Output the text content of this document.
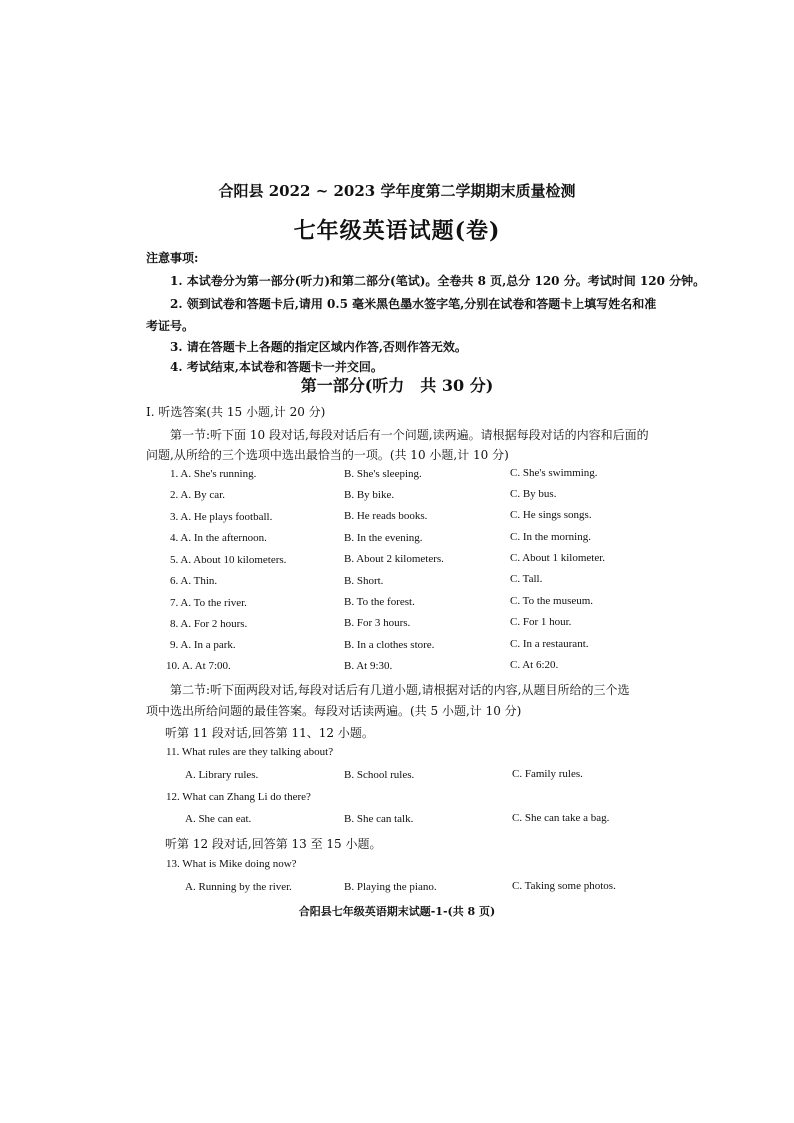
合阳县 2022 ~ 2023 学年度第二学期期末质量检测
七年级英语试题(卷)
注意事项:
1. 本试卷分为第一部分(听力)和第二部分(笔试)。全卷共 8 页,总分 120 分。考试时间 120 分钟。
2. 领到试卷和答题卡后,请用 0.5 毫米黑色墨水签字笔,分别在试卷和答题卡上填写姓名和准
考证号。
3. 请在答题卡上各题的指定区域内作答,否则作答无效。
4. 考试结束,本试卷和答题卡一并交回。
第一部分(听力　共 30 分)
Ⅰ. 听选答案(共 15 小题,计 20 分)
第一节:听下面 10 段对话,每段对话后有一个问题,读两遍。请根据每段对话的内容和后面的
问题,从所给的三个选项中选出最恰当的一项。(共 10 小题,计 10 分)
1. A. She's running.	B. She's sleeping.	C. She's swimming.
2. A. By car.	B. By bike.	C. By bus.
3. A. He plays football.	B. He reads books.	C. He sings songs.
4. A. In the afternoon.	B. In the evening.	C. In the morning.
5. A. About 10 kilometers.	B. About 2 kilometers.	C. About 1 kilometer.
6. A. Thin.	B. Short.	C. Tall.
7. A. To the river.	B. To the forest.	C. To the museum.
8. A. For 2 hours.	B. For 3 hours.	C. For 1 hour.
9. A. In a park.	B. In a clothes store.	C. In a restaurant.
10. A. At 7:00.	B. At 9:30.	C. At 6:20.
第二节:听下面两段对话,每段对话后有几道小题,请根据对话的内容,从题目所给的三个选
项中选出所给问题的最佳答案。每段对话读两遍。(共 5 小题,计 10 分)
听第 11 段对话,回答第 11、12 小题。
11. What rules are they talking about?
A. Library rules.	B. School rules.	C. Family rules.
12. What can Zhang Li do there?
A. She can eat.	B. She can talk.	C. She can take a bag.
听第 12 段对话,回答第 13 至 15 小题。
13. What is Mike doing now?
A. Running by the river.	B. Playing the piano.	C. Taking some photos.
合阳县七年级英语期末试题-1-(共 8 页)
